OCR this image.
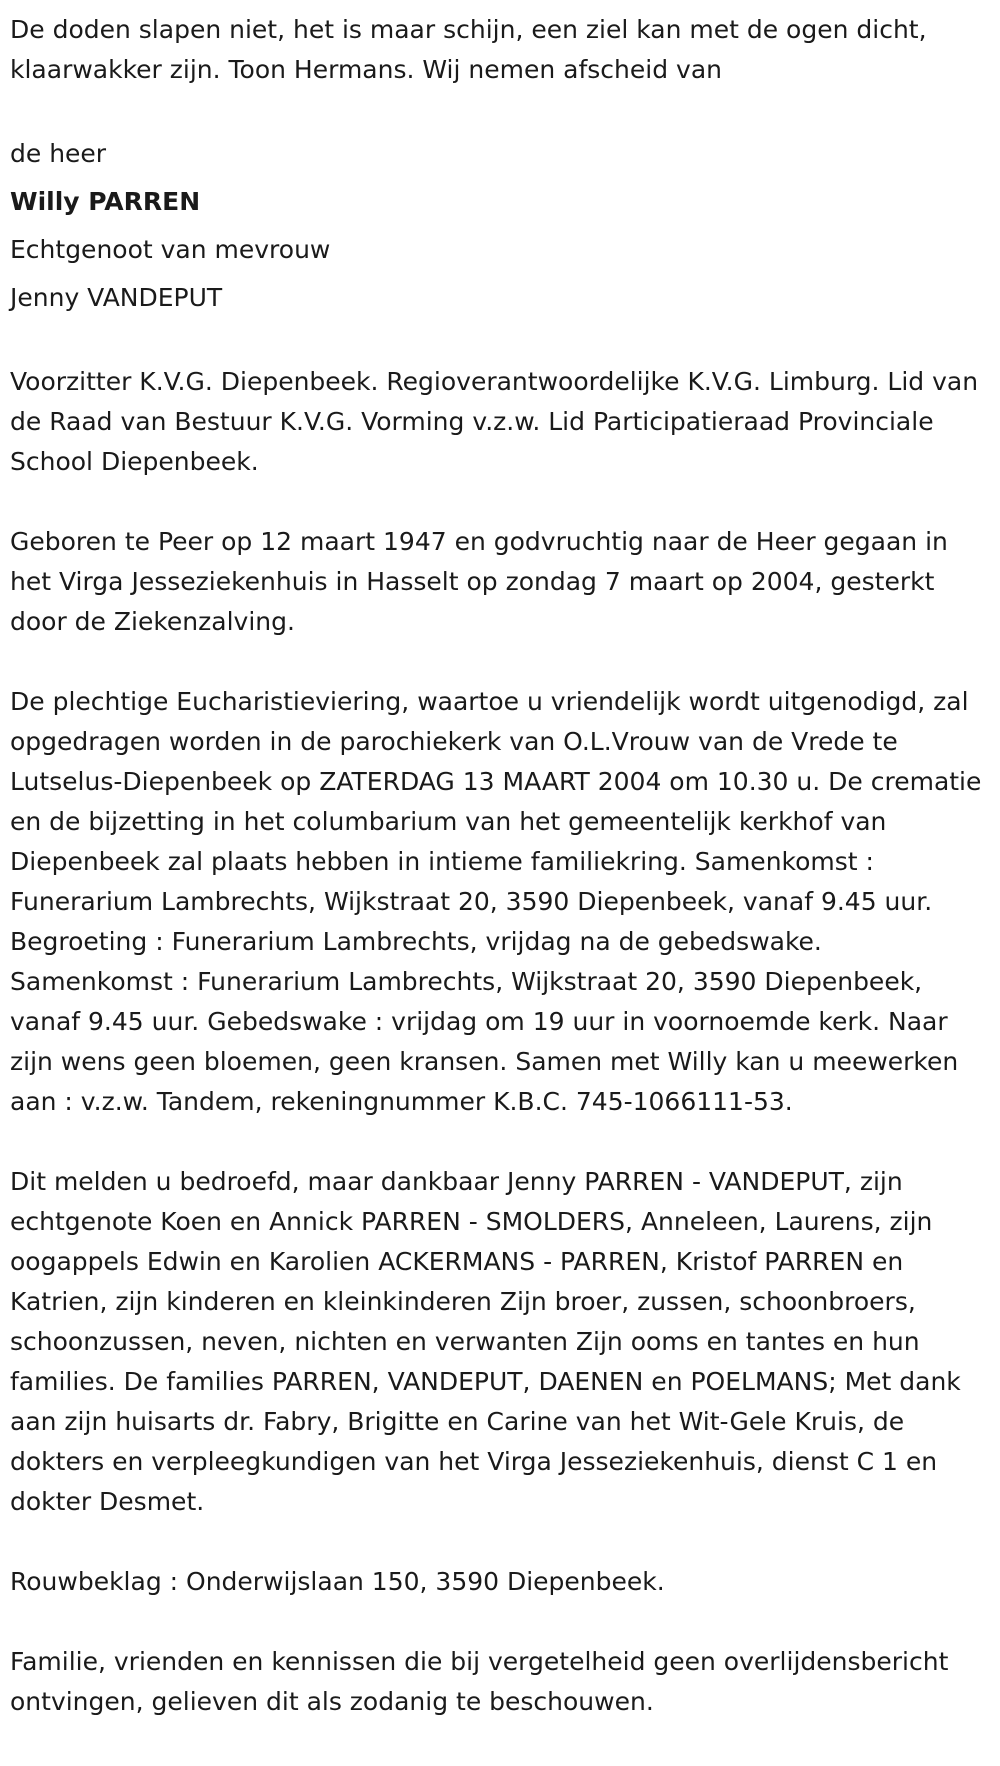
De doden slapen niet, het is maar schijn, een ziel kan met de ogen dicht, klaarwakker zijn. Toon Hermans. Wij nemen afscheid van

de heer

Willy PARREN

Echtgenoot van mevrouw

Jenny VANDEPUT

Voorzitter K.V.G. Diepenbeek. Regioverantwoordelijke K.V.G. Limburg. Lid van de Raad van Bestuur K.V.G. Vorming v.z.w. Lid Participatieraad Provinciale School Diepenbeek.

Geboren te Peer op 12 maart 1947 en godvruchtig naar de Heer gegaan in het Virga Jesseziekenhuis in Hasselt op zondag 7 maart op 2004, gesterkt door de Ziekenzalving.

De plechtige Eucharistieviering, waartoe u vriendelijk wordt uitgenodigd, zal opgedragen worden in de parochiekerk van O.L.Vrouw van de Vrede te Lutselus-Diepenbeek op ZATERDAG 13 MAART 2004 om 10.30 u. De crematie en de bijzetting in het columbarium van het gemeentelijk kerkhof van Diepenbeek zal plaats hebben in intieme familiekring. Samenkomst : Funerarium Lambrechts, Wijkstraat 20, 3590 Diepenbeek, vanaf 9.45 uur. Begroeting : Funerarium Lambrechts, vrijdag na de gebedswake. Samenkomst : Funerarium Lambrechts, Wijkstraat 20, 3590 Diepenbeek, vanaf 9.45 uur. Gebedswake : vrijdag om 19 uur in voornoemde kerk. Naar zijn wens geen bloemen, geen kransen. Samen met Willy kan u meewerken aan : v.z.w. Tandem, rekeningnummer K.B.C. 745-1066111-53.

Dit melden u bedroefd, maar dankbaar Jenny PARREN - VANDEPUT, zijn echtgenote Koen en Annick PARREN - SMOLDERS, Anneleen, Laurens, zijn oogappels Edwin en Karolien ACKERMANS - PARREN, Kristof PARREN en Katrien, zijn kinderen en kleinkinderen Zijn broer, zussen, schoonbroers, schoonzussen, neven, nichten en verwanten Zijn ooms en tantes en hun families. De families PARREN, VANDEPUT, DAENEN en POELMANS; Met dank aan zijn huisarts dr. Fabry, Brigitte en Carine van het Wit-Gele Kruis, de dokters en verpleegkundigen van het Virga Jesseziekenhuis, dienst C 1 en dokter Desmet.

Rouwbeklag : Onderwijslaan 150, 3590 Diepenbeek.

Familie, vrienden en kennissen die bij vergetelheid geen overlijdensbericht ontvingen, gelieven dit als zodanig te beschouwen.
